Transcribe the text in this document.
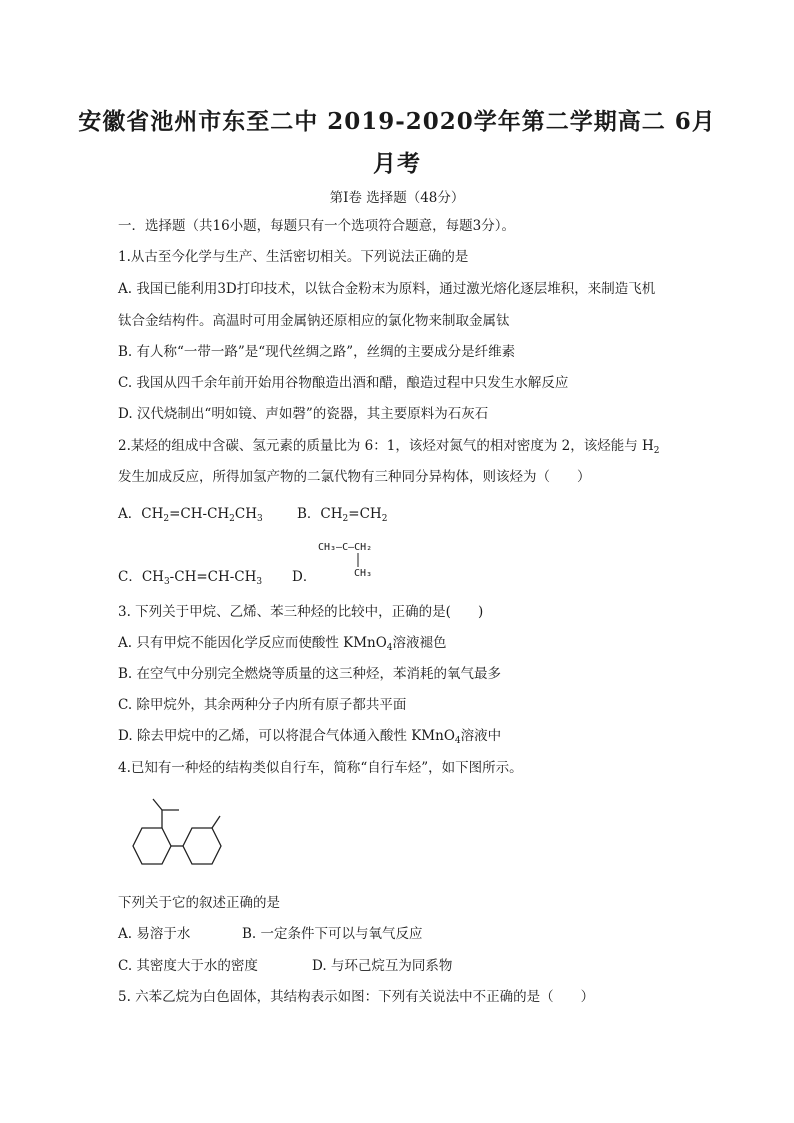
安徽省池州市东至二中 2019-2020学年第二学期高二 6月
月考
第Ⅰ卷 选择题（48分）
一．选择题（共16小题，每题只有一个选项符合题意，每题3分）。
1.从古至今化学与生产、生活密切相关。下列说法正确的是
A. 我国已能利用3D打印技术，以钛合金粉末为原料，通过激光熔化逐层堆积，来制造飞机
钛合金结构件。高温时可用金属钠还原相应的氯化物来制取金属钛
B. 有人称“一带一路”是“现代丝绸之路”，丝绸的主要成分是纤维素
C. 我国从四千余年前开始用谷物酿造出酒和醋，酿造过程中只发生水解反应
D. 汉代烧制出“明如镜、声如磬”的瓷器，其主要原料为石灰石
2.某烃的组成中含碳、氢元素的质量比为 6：1，该烃对氮气的相对密度为 2，该烃能与 $H_2$
发生加成反应，所得加氢产物的二氯代物有三种同分异构体，则该烃为（　　）
A．$CH_2=CH-CH_2CH_3$	B．$CH_2=CH_2$
C．$CH_3-CH=CH-CH_3$ D．
CH₃—C—CH₂
CH₃
3. 下列关于甲烷、乙烯、苯三种烃的比较中，正确的是(　　)
A. 只有甲烷不能因化学反应而使酸性 KMnO$_4$溶液褪色
B. 在空气中分别完全燃烧等质量的这三种烃，苯消耗的氧气最多
C. 除甲烷外，其余两种分子内所有原子都共平面
D. 除去甲烷中的乙烯，可以将混合气体通入酸性 KMnO$_4$溶液中
4.已知有一种烃的结构类似自行车，简称“自行车烃”，如下图所示。
下列关于它的叙述正确的是
A. 易溶于水	B. 一定条件下可以与氧气反应
C. 其密度大于水的密度	D. 与环己烷互为同系物
5. 六苯乙烷为白色固体，其结构表示如图：下列有关说法中不正确的是（　　）
